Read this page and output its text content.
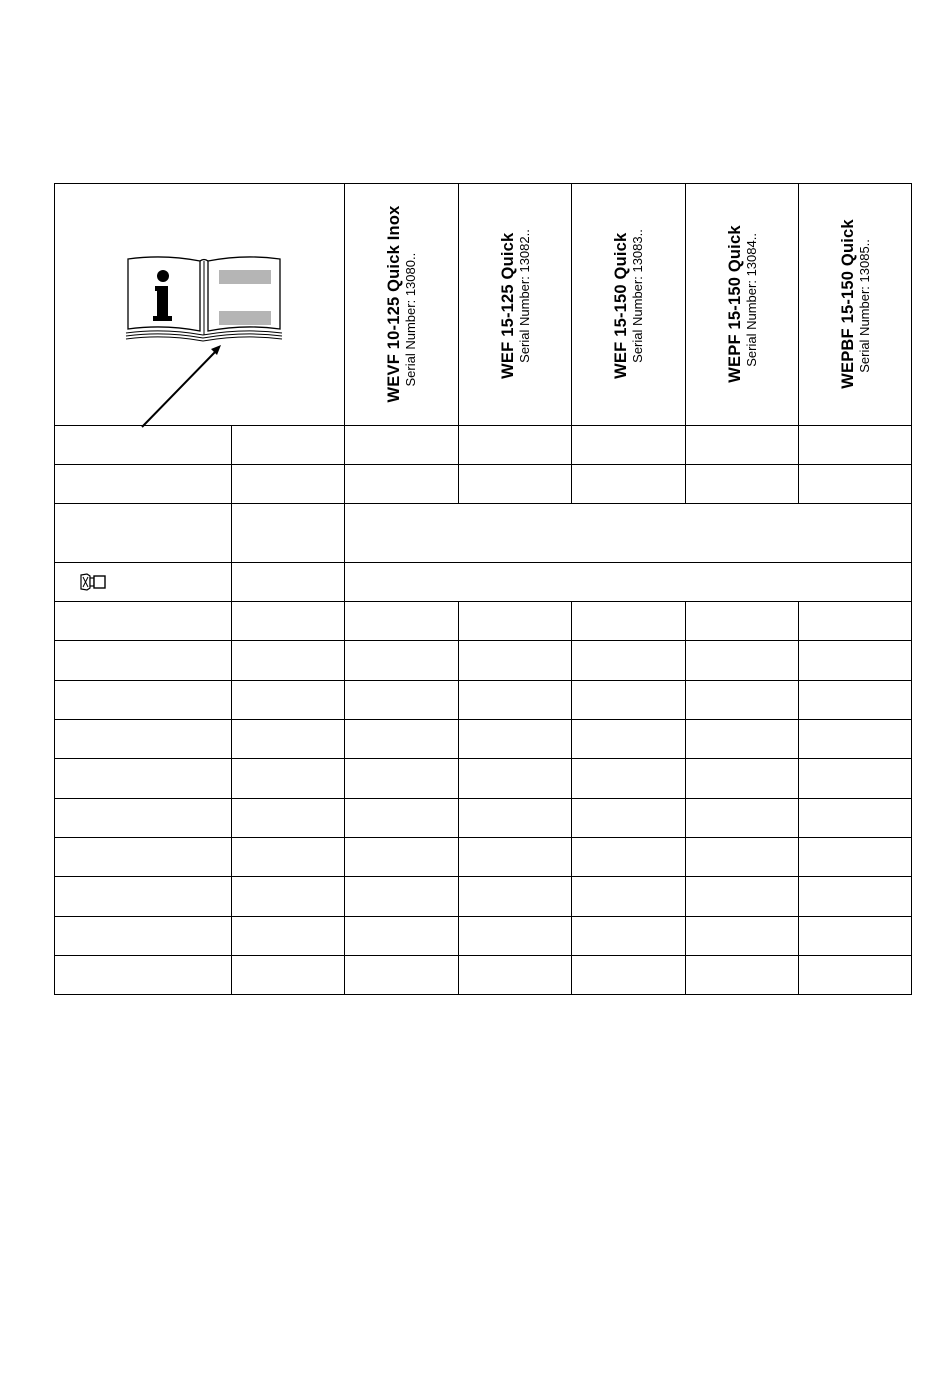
WEVF 10-125 Quick Inox Serial Number: 13080..	WEF 15-125 Quick Serial Number: 13082..	WEF 15-150 Quick Serial Number: 13083..	WEPF 15-150 Quick Serial Number: 13084..	WEPBF 15-150 Quick Serial Number: 13085..
